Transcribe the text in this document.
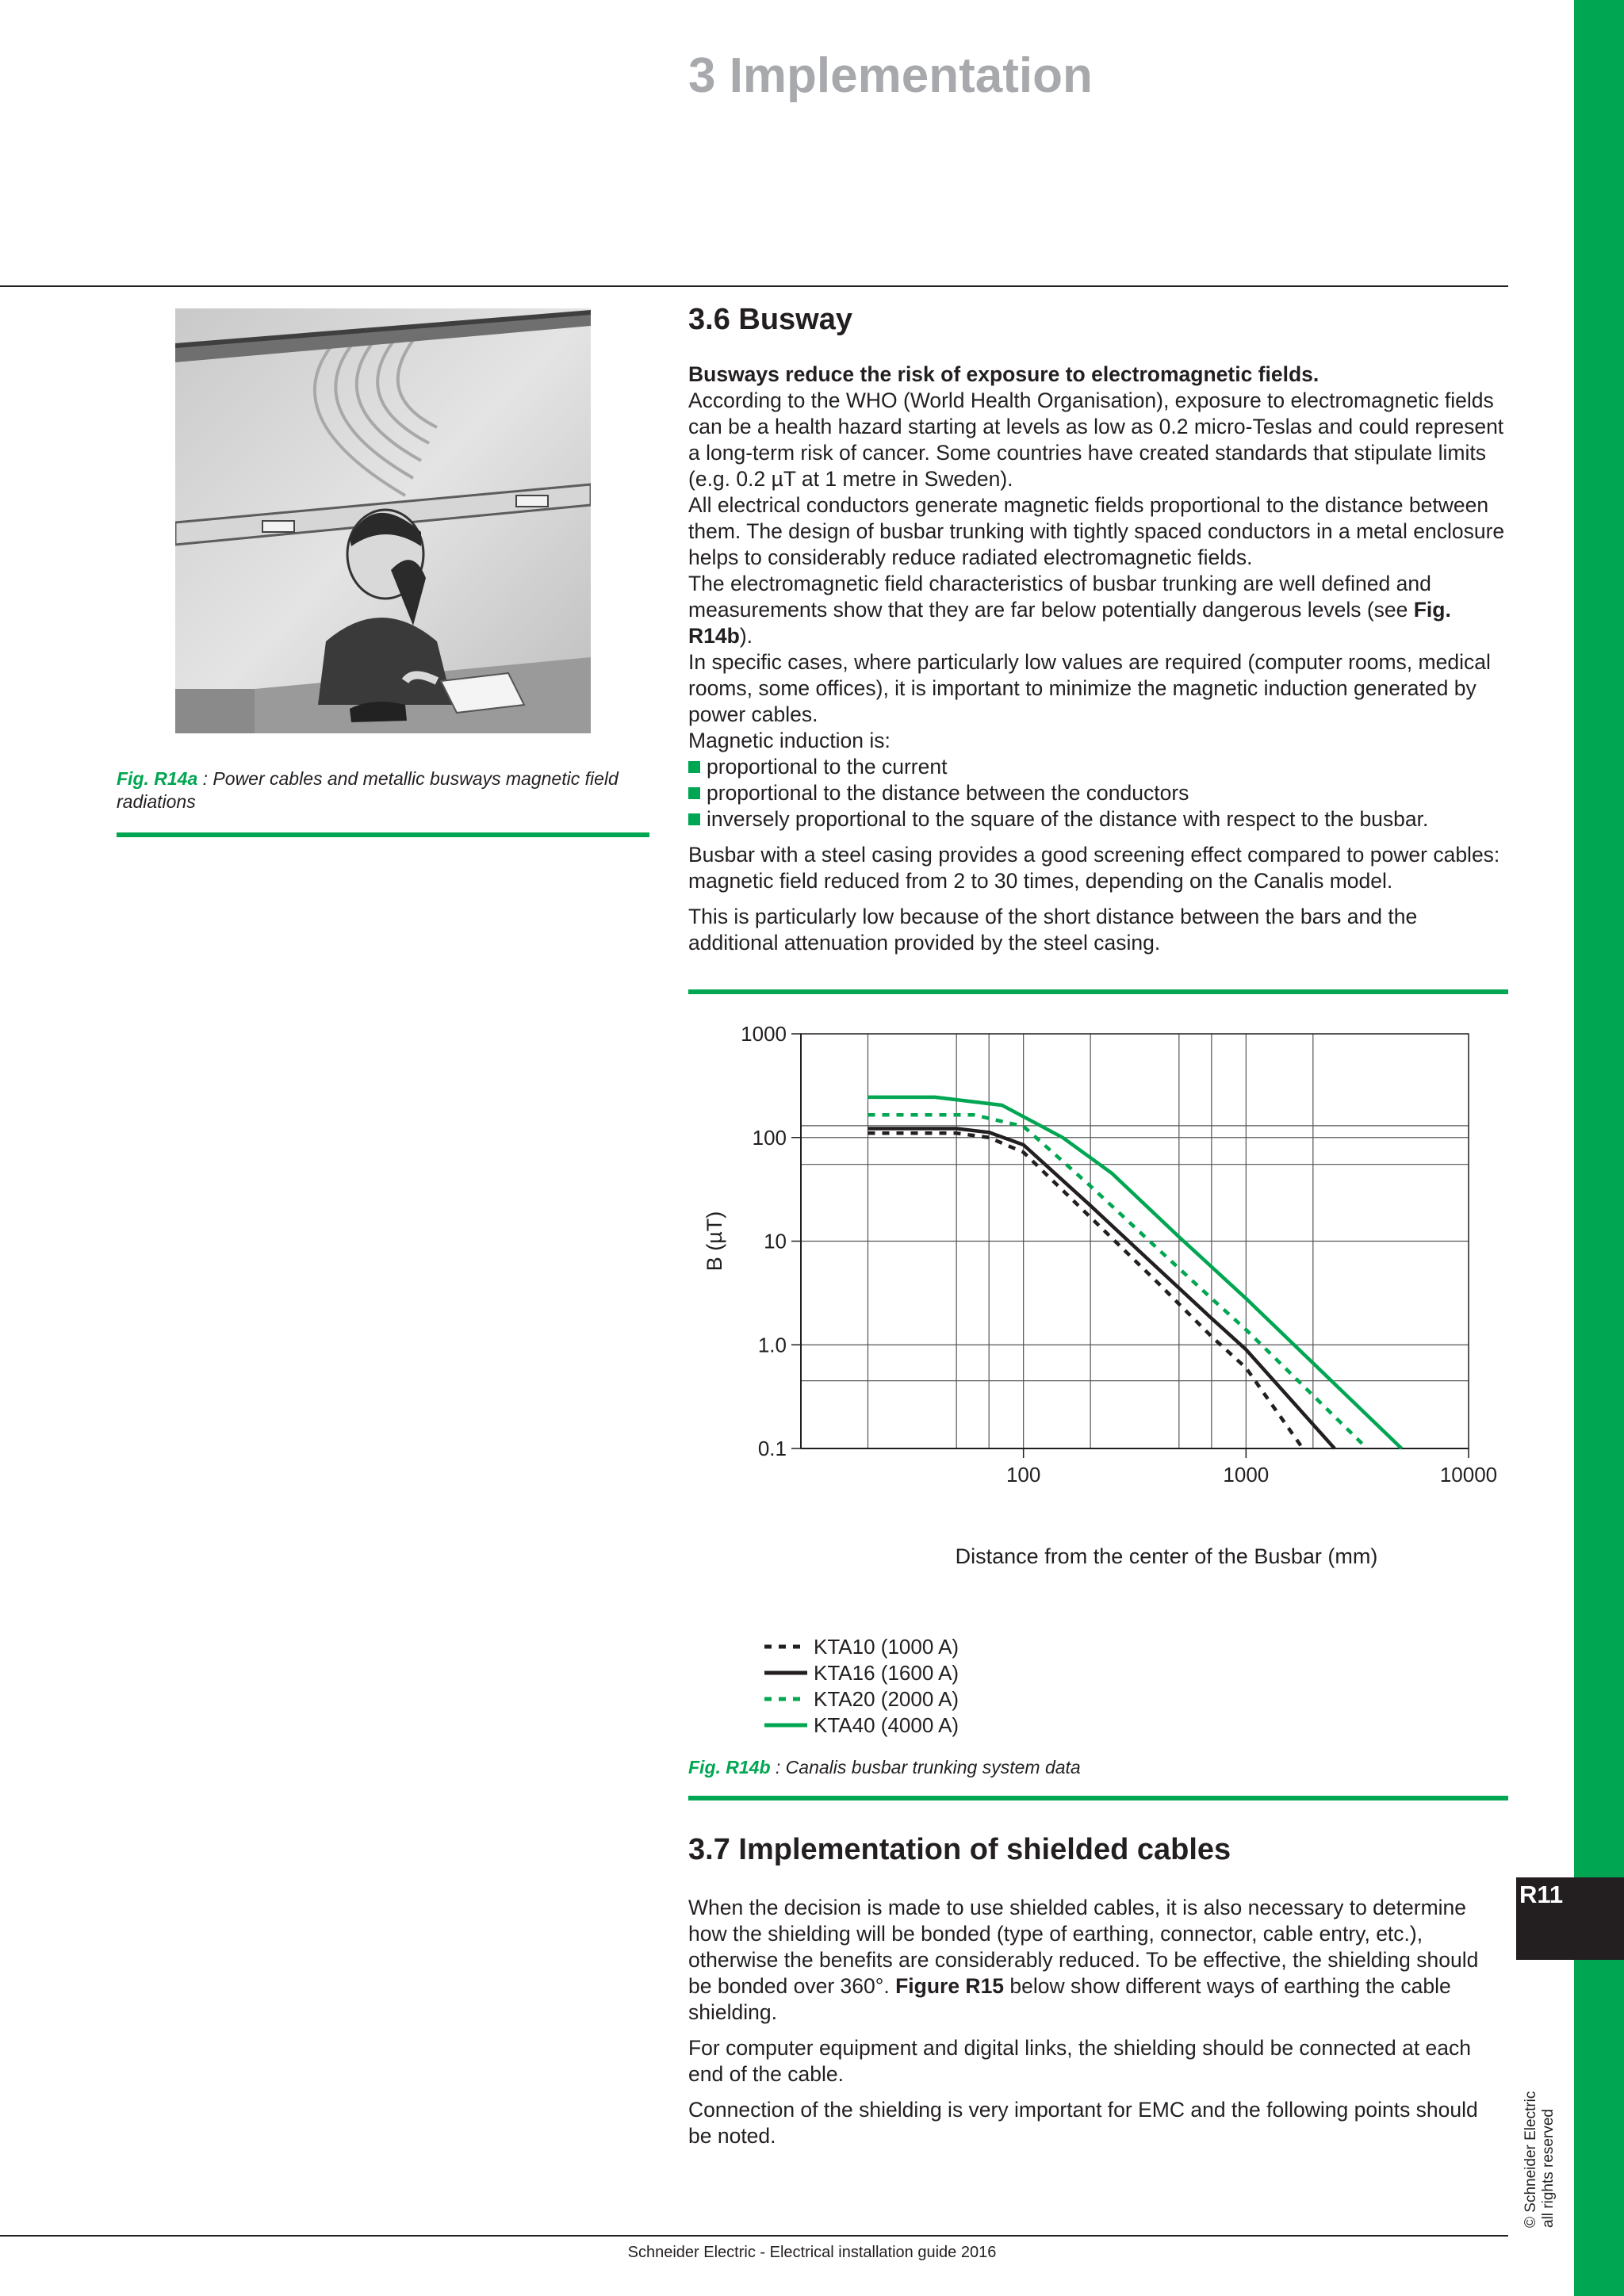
R11
© Schneider Electric all rights reserved
3 Implementation
Fig. R14a : Power cables and metallic busways magnetic field radiations
3.6 Busway

Busways reduce the risk of exposure to electromagnetic fields.

According to the WHO (World Health Organisation), exposure to electromagnetic fields can be a health hazard starting at levels as low as 0.2 micro-Teslas and could represent a long-term risk of cancer. Some countries have created standards that stipulate limits (e.g. 0.2 µT at 1 metre in Sweden).

All electrical conductors generate magnetic fields proportional to the distance between them. The design of busbar trunking with tightly spaced conductors in a metal enclosure helps to considerably reduce radiated electromagnetic fields.

The electromagnetic field characteristics of busbar trunking are well defined and measurements show that they are far below potentially dangerous levels (see Fig. R14b).

In specific cases, where particularly low values are required (computer rooms, medical rooms, some offices), it is important to minimize the magnetic induction generated by power cables.

Magnetic induction is:

proportional to the current

proportional to the distance between the conductors

inversely proportional to the square of the distance with respect to the busbar.

Busbar with a steel casing provides a good screening effect compared to power cables: magnetic field reduced from 2 to 30 times, depending on the Canalis model.

This is particularly low because of the short distance between the bars and the additional attenuation provided by the steel casing.

0.1
1.0
10
100
1000
100	1000	10000
B (µT)
Distance from the center of the Busbar (mm)
KTA10 (1000 A)
KTA16 (1600 A)
KTA20 (2000 A)
KTA40 (4000 A)
Fig. R14b : Canalis busbar trunking system data
3.7 Implementation of shielded cables

When the decision is made to use shielded cables, it is also necessary to determine how the shielding will be bonded (type of earthing, connector, cable entry, etc.), otherwise the benefits are considerably reduced. To be effective, the shielding should be bonded over 360°. Figure R15 below show different ways of earthing the cable shielding.

For computer equipment and digital links, the shielding should be connected at each end of the cable.

Connection of the shielding is very important for EMC and the following points should be noted.

Schneider Electric - Electrical installation guide 2016
